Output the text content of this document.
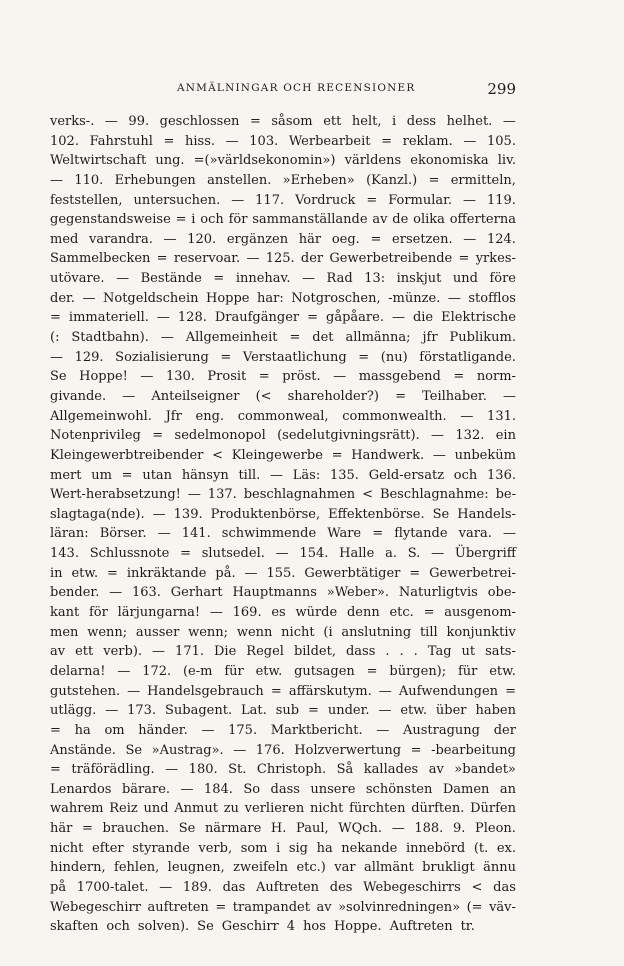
ANMÄLNINGAR OCH RECENSIONER	299
verks-. — 99. geschlossen = såsom ett helt, i dess helhet. —
102. Fahrstuhl = hiss. — 103. Werbearbeit = reklam. — 105.
Weltwirtschaft ung. =(»världsekonomin») världens ekonomiska liv.
— 110. Erhebungen anstellen. »Erheben» (Kanzl.) = ermitteln,
feststellen, untersuchen. — 117. Vordruck = Formular. — 119.
gegenstandsweise = i och för sammanställande av de olika offerterna
med varandra. — 120. ergänzen här oeg. = ersetzen. — 124.
Sammelbecken = reservoar. — 125. der Gewerbetreibende = yrkes-
utövare. — Bestände = innehav. — Rad 13: inskjut und före
der. — Notgeldschein Hoppe har: Notgroschen, -münze. — stofflos
= immateriell. — 128. Draufgänger = gåpåare. — die Elektrische
(: Stadtbahn). — Allgemeinheit = det allmänna; jfr Publikum.
— 129. Sozialisierung = Verstaatlichung = (nu) förstatligande.
Se Hoppe! — 130. Prosit = pröst. — massgebend = norm-
givande. — Anteilseigner (< shareholder?) = Teilhaber. —
Allgemeinwohl. Jfr eng. commonweal, commonwealth. — 131.
Notenprivileg = sedelmonopol (sedelutgivningsrätt). — 132. ein
Kleingewerbtreibender < Kleingewerbe = Handwerk. — unbeküm
mert um = utan hänsyn till. — Läs: 135. Geld-ersatz och 136.
Wert-herabsetzung! — 137. beschlagnahmen < Beschlagnahme: be-
slagtaga(nde). — 139. Produktenbörse, Effektenbörse. Se Handels-
läran: Börser. — 141. schwimmende Ware = flytande vara. —
143. Schlussnote = slutsedel. — 154. Halle a. S. — Übergriff
in etw. = inkräktande på. — 155. Gewerbtätiger = Gewerbetrei-
bender. — 163. Gerhart Hauptmanns »Weber». Naturligtvis obe-
kant för lärjungarna! — 169. es würde denn etc. = ausgenom-
men wenn; ausser wenn; wenn nicht (i anslutning till konjunktiv
av ett verb). — 171. Die Regel bildet, dass . . . Tag ut sats-
delarna! — 172. (e-m für etw. gutsagen = bürgen); für etw.
gutstehen. — Handelsgebrauch = affärskutym. — Aufwendungen =
utlägg. — 173. Subagent. Lat. sub = under. — etw. über haben
= ha om händer. — 175. Marktbericht. — Austragung der
Anstände. Se »Austrag». — 176. Holzverwertung = -bearbeitung
= träförädling. — 180. St. Christoph. Så kallades av »bandet»
Lenardos bärare. — 184. So dass unsere schönsten Damen an
wahrem Reiz und Anmut zu verlieren nicht fürchten dürften. Dürfen
här = brauchen. Se närmare H. Paul, WQch. — 188. 9. Pleon.
nicht efter styrande verb, som i sig ha nekande innebörd (t. ex.
hindern, fehlen, leugnen, zweifeln etc.) var allmänt brukligt ännu
på 1700-talet. — 189. das Auftreten des Webegeschirrs < das
Webegeschirr auftreten = trampandet av »solvinredningen» (= väv-
skaften och solven). Se Geschirr 4 hos Hoppe. Auftreten tr.
